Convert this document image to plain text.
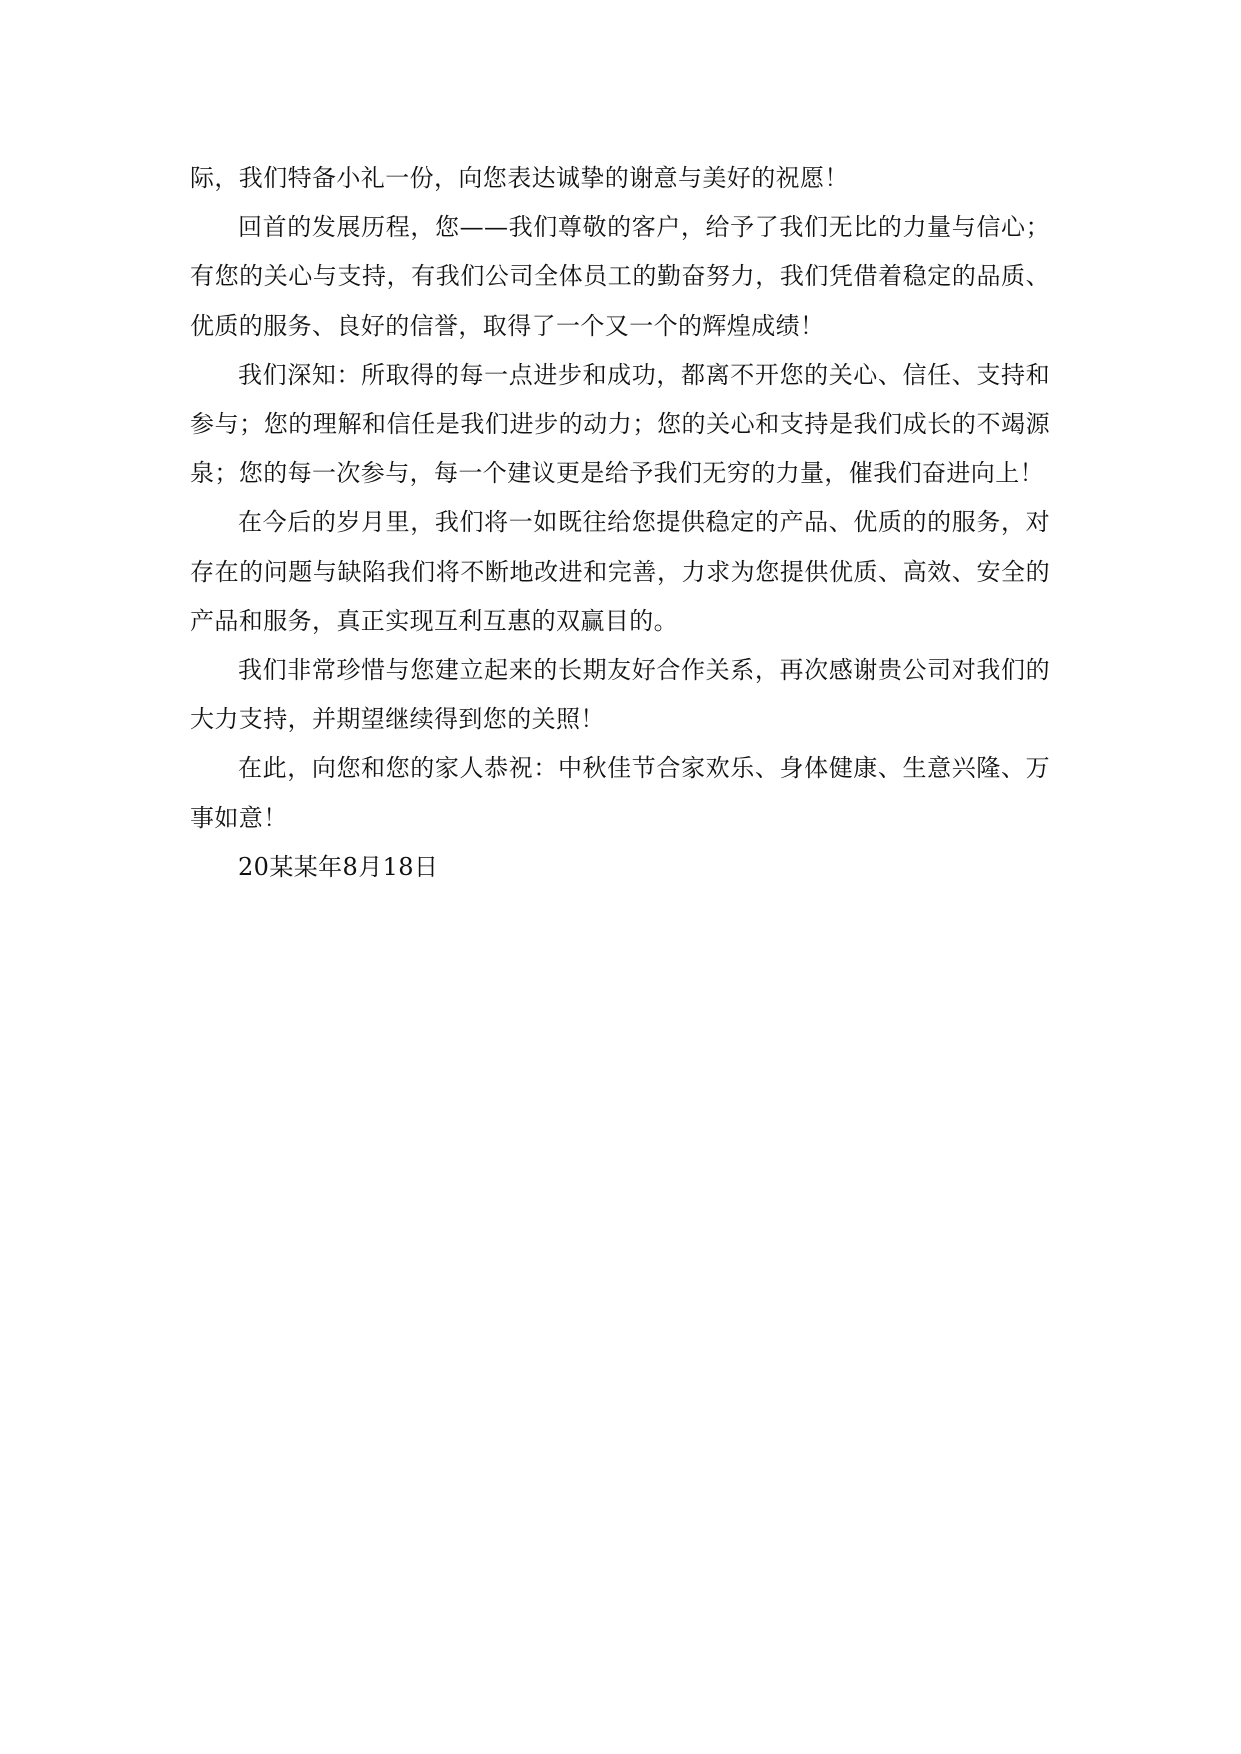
际，我们特备小礼一份，向您表达诚挚的谢意与美好的祝愿！

回首的发展历程，您——我们尊敬的客户，给予了我们无比的力量与信心；有您的关心与支持，有我们公司全体员工的勤奋努力，我们凭借着稳定的品质、优质的服务、良好的信誉，取得了一个又一个的辉煌成绩！

我们深知：所取得的每一点进步和成功，都离不开您的关心、信任、支持和参与；您的理解和信任是我们进步的动力；您的关心和支持是我们成长的不竭源泉；您的每一次参与，每一个建议更是给予我们无穷的力量，催我们奋进向上！

在今后的岁月里，我们将一如既往给您提供稳定的产品、优质的的服务，对存在的问题与缺陷我们将不断地改进和完善，力求为您提供优质、高效、安全的产品和服务，真正实现互利互惠的双赢目的。

我们非常珍惜与您建立起来的长期友好合作关系，再次感谢贵公司对我们的大力支持，并期望继续得到您的关照！

在此，向您和您的家人恭祝：中秋佳节合家欢乐、身体健康、生意兴隆、万事如意！

20某某年8月18日
